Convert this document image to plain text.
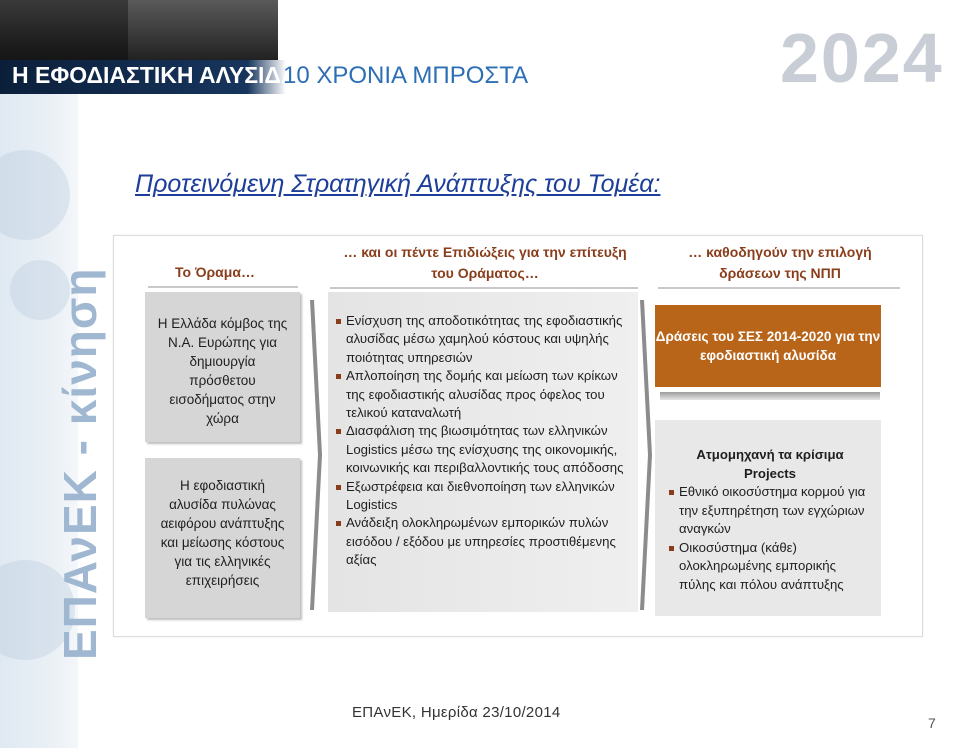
ΕΠΑνΕΚ - κίνηση
Η ΕΦΟΔΙΑΣΤΙΚΗ ΑΛΥΣΙΔΑ
10 ΧΡΟΝΙΑ ΜΠΡΟΣΤΑ	2024
Προτεινόμενη Στρατηγική Ανάπτυξης του Τομέα:
Το Όραμα…
… και οι πέντε Επιδιώξεις για την επίτευξη του Οράματος…
… καθοδηγούν την επιλογή δράσεων της ΝΠΠ
Η Ελλάδα κόμβος της Ν.Α. Ευρώπης για δημιουργία πρόσθετου εισοδήματος στην χώρα
Η εφοδιαστική αλυσίδα πυλώνας αειφόρου ανάπτυξης και μείωσης κόστους για τις ελληνικές επιχειρήσεις
Ενίσχυση της αποδοτικότητας της εφοδιαστικής αλυσίδας μέσω χαμηλού κόστους και υψηλής ποιότητας υπηρεσιών
Απλοποίηση της δομής και μείωση των κρίκων της εφοδιαστικής αλυσίδας προς όφελος του τελικού καταναλωτή
Διασφάλιση της βιωσιμότητας των ελληνικών Logistics μέσω της ενίσχυσης της οικονομικής, κοινωνικής και περιβαλλοντικής τους απόδοσης
Εξωστρέφεια και διεθνοποίηση των ελληνικών Logistics
Ανάδειξη ολοκληρωμένων εμπορικών πυλών εισόδου / εξόδου με υπηρεσίες προστιθέμενης αξίας
Δράσεις του ΣΕΣ 2014-2020 για την εφοδιαστική αλυσίδα
Ατμομηχανή τα κρίσιμα Projects
Εθνικό οικοσύστημα κορμού για την εξυπηρέτηση των εγχώριων αναγκών
Οικοσύστημα (κάθε) ολοκληρωμένης εμπορικής πύλης και πόλου ανάπτυξης
ΕΠΑνΕΚ, Ημερίδα 23/10/2014
7
